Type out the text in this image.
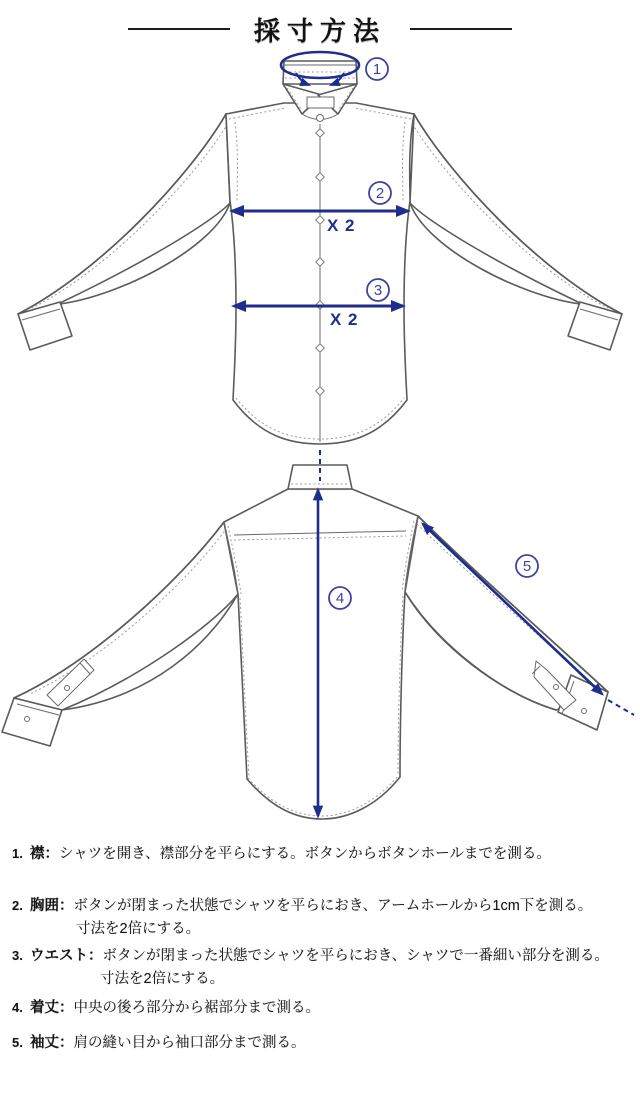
採寸方法
1
2
X 2
3
X 2
4
5

1. 襟：シャツを開き、襟部分を平らにする。ボタンからボタンホールまでを測る。

2. 胸囲：ボタンが閉まった状態でシャツを平らにおき、アームホールから1cm下を測る。

寸法を2倍にする。

3. ウエスト：ボタンが閉まった状態でシャツを平らにおき、シャツで一番細い部分を測る。

寸法を2倍にする。

4. 着丈：中央の後ろ部分から裾部分まで測る。

5. 袖丈：肩の縫い目から袖口部分まで測る。
